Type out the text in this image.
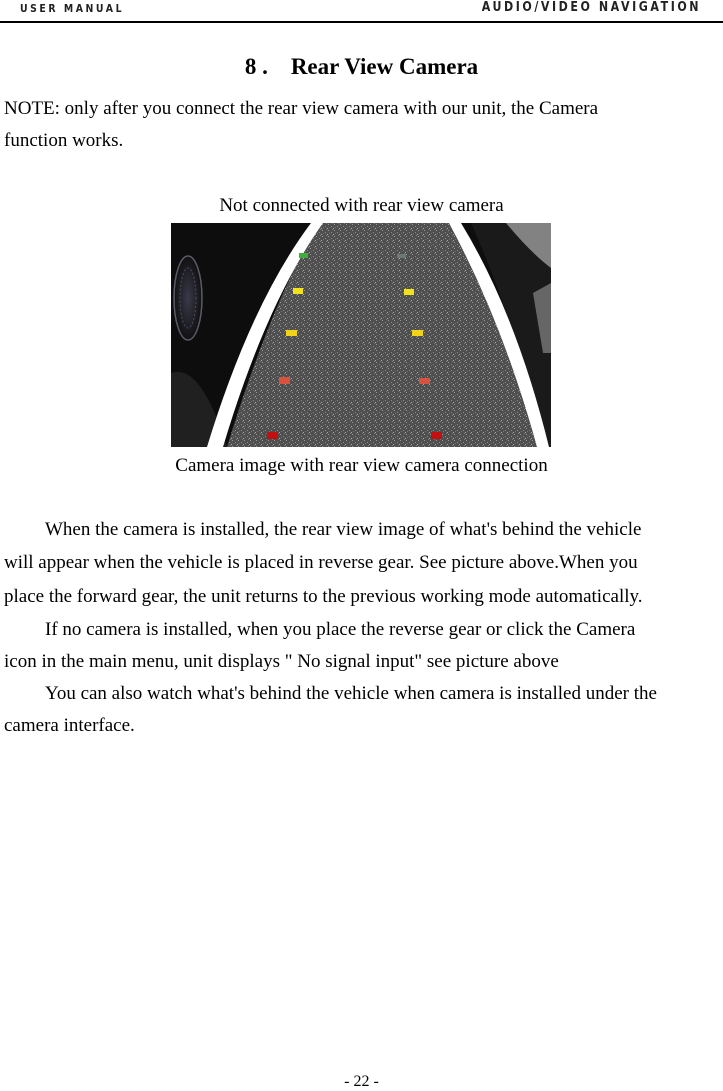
USER MANUAL	AUDIO/VIDEO NAVIGATION
8 . Rear View Camera
NOTE: only after you connect the rear view camera with our unit, the Camera
function works.
Not connected with rear view camera
Camera image with rear view camera connection
When the camera is installed, the rear view image of what's behind the vehicle
will appear when the vehicle is placed in reverse gear. See picture above.When you
place the forward gear, the unit returns to the previous working mode automatically.
If no camera is installed, when you place the reverse gear or click the Camera
icon in the main menu, unit displays " No signal input" see picture above
You can also watch what's behind the vehicle when camera is installed under the
camera interface.
- 22 -
